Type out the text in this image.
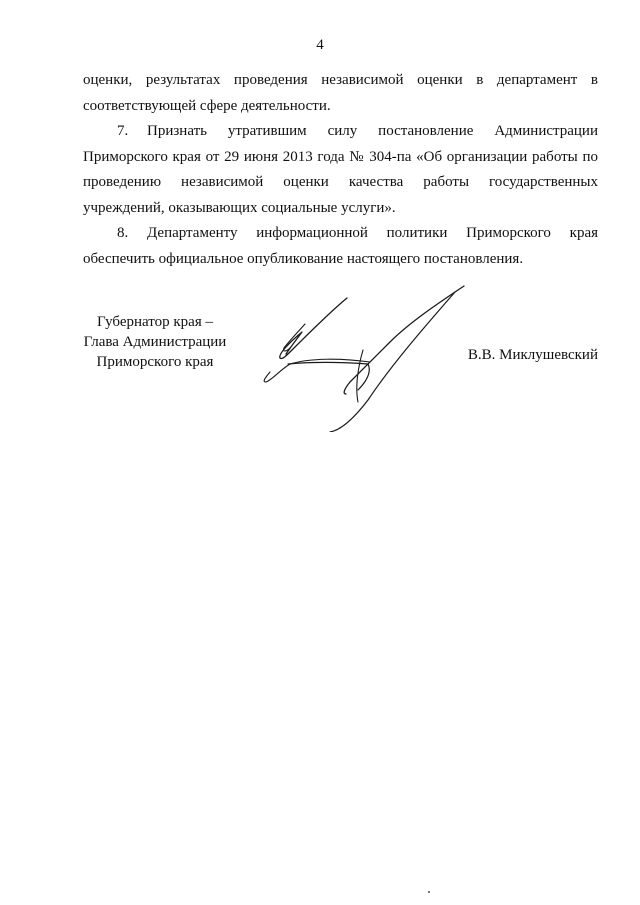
4

оценки, результатах проведения независимой оценки в департамент в соответствующей сфере деятельности.

7. Признать утратившим силу постановление Администрации Приморского края от 29 июня 2013 года № 304-па «Об организации работы по проведению независимой оценки качества работы государственных учреждений, оказывающих социальные услуги».

8. Департаменту информационной политики Приморского края обеспечить официальное опубликование настоящего постановления.

Губернатор края –
Глава Администрации
Приморского края	В.В. Миклушевский
